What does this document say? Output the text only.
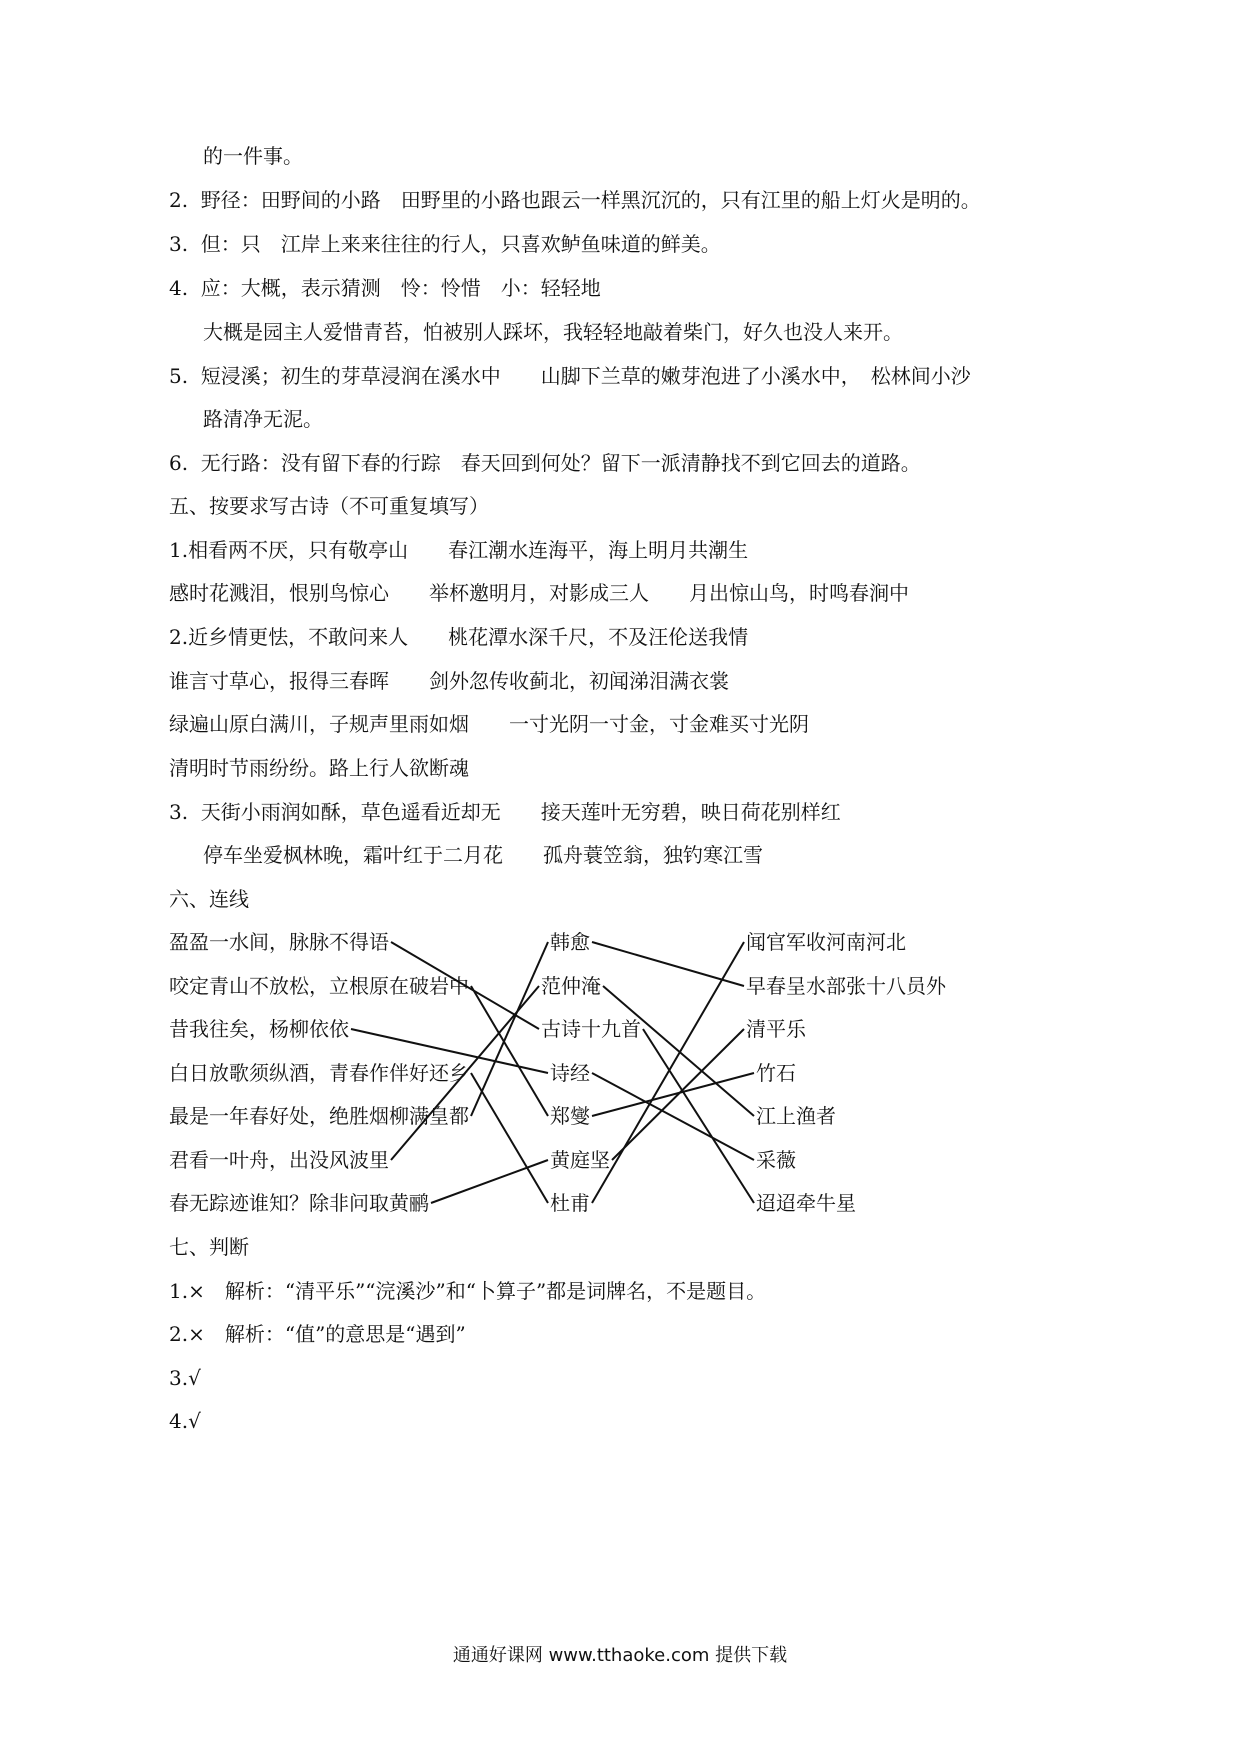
的一件事。
2.  野径：田野间的小路　田野里的小路也跟云一样黑沉沉的，只有江里的船上灯火是明的。
3.  但：只　江岸上来来往往的行人，只喜欢鲈鱼味道的鲜美。
4.  应：大概，表示猜测　怜：怜惜　小：轻轻地
大概是园主人爱惜青苔，怕被别人踩坏，我轻轻地敲着柴门，好久也没人来开。
5.  短浸溪；初生的芽草浸润在溪水中　　山脚下兰草的嫩芽泡进了小溪水中，　松林间小沙
路清净无泥。
6.  无行路：没有留下春的行踪　春天回到何处？留下一派清静找不到它回去的道路。
五、按要求写古诗（不可重复填写）
1.相看两不厌，只有敬亭山　　春江潮水连海平，海上明月共潮生
感时花溅泪，恨别鸟惊心　　举杯邀明月，对影成三人　　月出惊山鸟，时鸣春涧中
2.近乡情更怯，不敢问来人　　桃花潭水深千尺，不及汪伦送我情
谁言寸草心，报得三春晖　　剑外忽传收蓟北，初闻涕泪满衣裳
绿遍山原白满川，子规声里雨如烟　　一寸光阴一寸金，寸金难买寸光阴
清明时节雨纷纷。路上行人欲断魂
3.  天街小雨润如酥，草色遥看近却无　　接天莲叶无穷碧，映日荷花别样红
停车坐爱枫林晚，霜叶红于二月花　　孤舟蓑笠翁，独钓寒江雪
六、连线
盈盈一水间，脉脉不得语
咬定青山不放松，立根原在破岩中
昔我往矣，杨柳依依
白日放歌须纵酒，青春作伴好还乡
最是一年春好处，绝胜烟柳满皇都
君看一叶舟，出没风波里
春无踪迹谁知？除非问取黄鹂
韩愈
范仲淹
古诗十九首
诗经
郑燮
黄庭坚
杜甫
闻官军收河南河北
早春呈水部张十八员外
清平乐
竹石
江上渔者
采薇
迢迢牵牛星
七、判断
1.×　解析：“清平乐”“浣溪沙”和“卜算子”都是词牌名，不是题目。
2.×　解析：“值”的意思是“遇到”
3.√
4.√
通通好课网 www.tthaoke.com 提供下载
